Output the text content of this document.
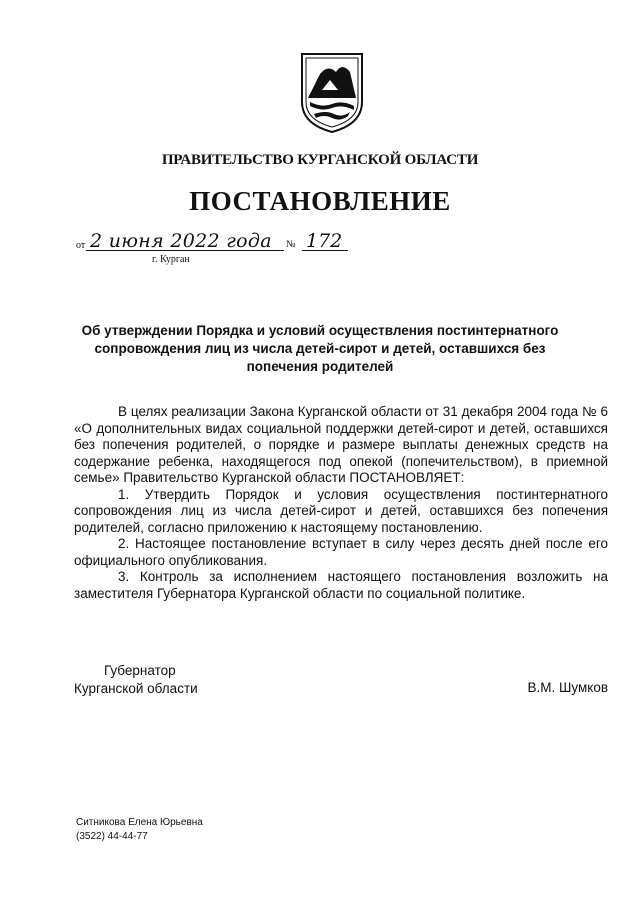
ПРАВИТЕЛЬСТВО КУРГАНСКОЙ ОБЛАСТИ
ПОСТАНОВЛЕНИЕ
от 2 июня 2022 года № 172
г. Курган
Об утверждении Порядка и условий осуществления постинтернатного сопровождения лиц из числа детей-сирот и детей, оставшихся без попечения родителей

В целях реализации Закона Курганской области от 31 декабря 2004 года № 6 «О дополнительных видах социальной поддержки детей-сирот и детей, оставшихся без попечения родителей, о порядке и размере выплаты денежных средств на содержание ребенка, находящегося под опекой (попечительством), в приемной семье» Правительство Курганской области ПОСТАНОВЛЯЕТ:

1. Утвердить Порядок и условия осуществления постинтернатного сопровождения лиц из числа детей-сирот и детей, оставшихся без попечения родителей, согласно приложению к настоящему постановлению.

2. Настоящее постановление вступает в силу через десять дней после его официального опубликования.

3. Контроль за исполнением настоящего постановления возложить на заместителя Губернатора Курганской области по социальной политике.

Губернатор
Курганской области	В.М. Шумков
Ситникова Елена Юрьевна
(3522) 44-44-77
